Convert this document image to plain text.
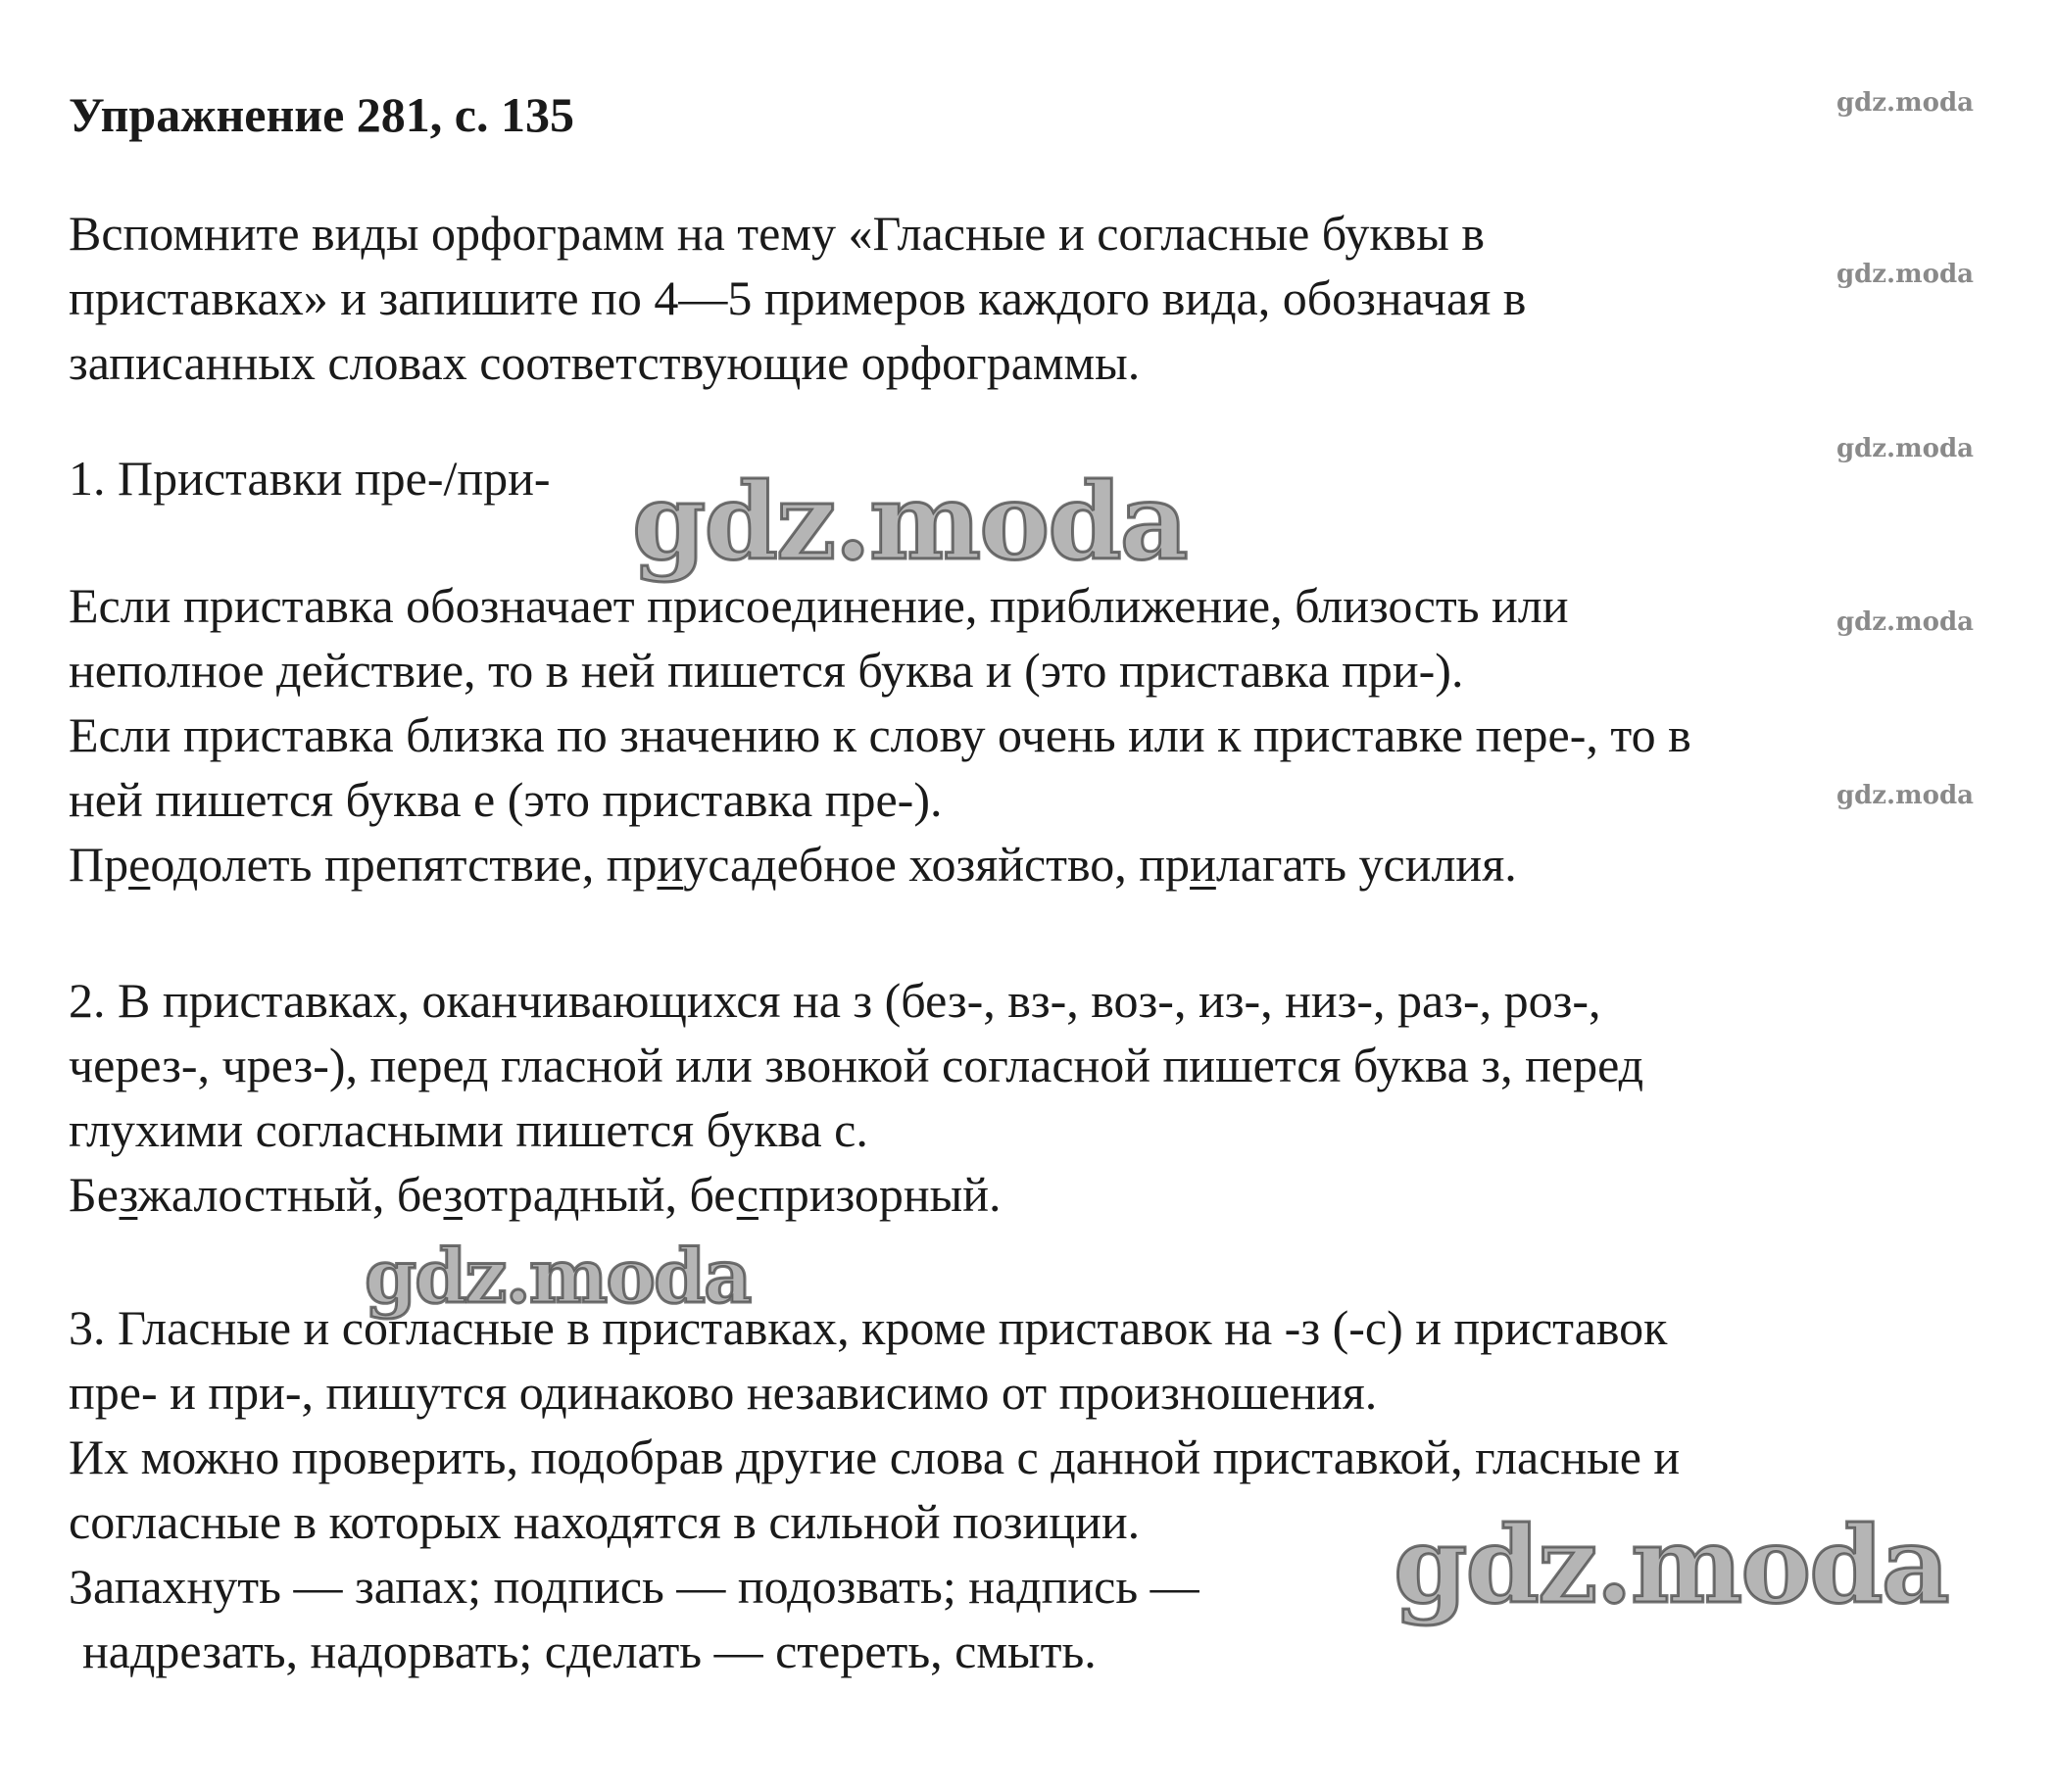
Упражнение 281, с. 135
Вспомните виды орфограмм на тему «Гласные и согласные буквы в
приставках» и запишите по 4—5 примеров каждого вида, обозначая в
записанных словах соответствующие орфограммы.
1. Приставки пре-/при-
Если приставка обозначает присоединение, приближение, близость или
неполное действие, то в ней пишется буква и (это приставка при-).
Если приставка близка по значению к слову очень или к приставке пере-, то в
ней пишется буква е (это приставка пре-).
Преодолеть препятствие, приусадебное хозяйство, прилагать усилия.
2. В приставках, оканчивающихся на з (без-, вз-, воз-, из-, низ-, раз-, роз-,
через-, чрез-), перед гласной или звонкой согласной пишется буква з, перед
глухими согласными пишется буква с.
Безжалостный, безотрадный, беспризорный.
3. Гласные и согласные в приставках, кроме приставок на -з (-с) и приставок
пре- и при-, пишутся одинаково независимо от произношения.
Их можно проверить, подобрав другие слова с данной приставкой, гласные и
согласные в которых находятся в сильной позиции.
Запахнуть — запах; подпись — подозвать; надпись —
надрезать, надорвать; сделать — стереть, смыть.
gdz.moda
gdz.moda
gdz.moda
gdz.moda
gdz.moda
gdz.moda
gdz.moda
gdz.moda
